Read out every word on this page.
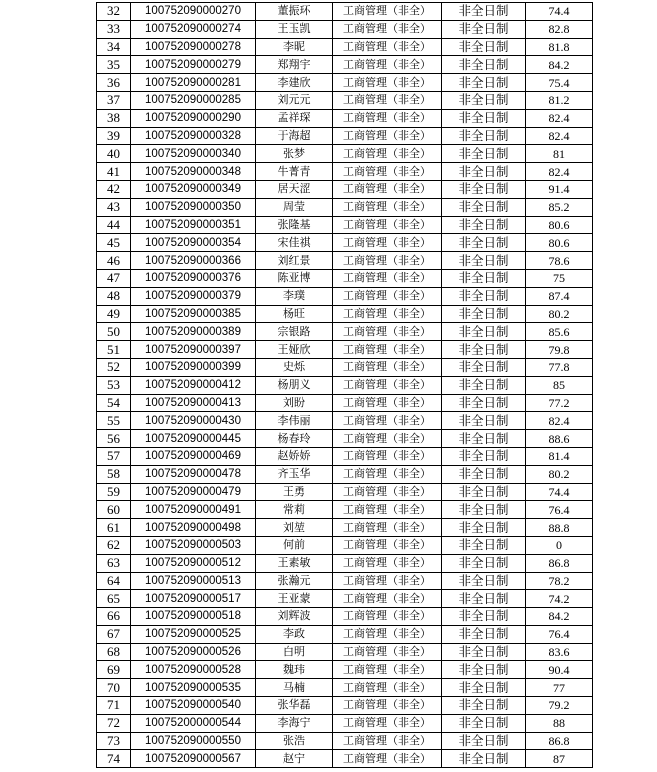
32	100752090000270	董振环	工商管理（非全）	非全日制	74.4
33	100752090000274	王玉凯	工商管理（非全）	非全日制	82.8
34	100752090000278	李昵	工商管理（非全）	非全日制	81.8
35	100752090000279	郑翔宇	工商管理（非全）	非全日制	84.2
36	100752090000281	李建欣	工商管理（非全）	非全日制	75.4
37	100752090000285	刘元元	工商管理（非全）	非全日制	81.2
38	100752090000290	孟祥琛	工商管理（非全）	非全日制	82.4
39	100752090000328	于海超	工商管理（非全）	非全日制	82.4
40	100752090000340	张梦	工商管理（非全）	非全日制	81
41	100752090000348	牛菁青	工商管理（非全）	非全日制	82.4
42	100752090000349	居天涩	工商管理（非全）	非全日制	91.4
43	100752090000350	周莹	工商管理（非全）	非全日制	85.2
44	100752090000351	张隆基	工商管理（非全）	非全日制	80.6
45	100752090000354	宋佳祺	工商管理（非全）	非全日制	80.6
46	100752090000366	刘红景	工商管理（非全）	非全日制	78.6
47	100752090000376	陈亚博	工商管理（非全）	非全日制	75
48	100752090000379	李璞	工商管理（非全）	非全日制	87.4
49	100752090000385	杨旺	工商管理（非全）	非全日制	80.2
50	100752090000389	宗银路	工商管理（非全）	非全日制	85.6
51	100752090000397	王娅欣	工商管理（非全）	非全日制	79.8
52	100752090000399	史烁	工商管理（非全）	非全日制	77.8
53	100752090000412	杨朋义	工商管理（非全）	非全日制	85
54	100752090000413	刘盼	工商管理（非全）	非全日制	77.2
55	100752090000430	李伟丽	工商管理（非全）	非全日制	82.4
56	100752090000445	杨春玲	工商管理（非全）	非全日制	88.6
57	100752090000469	赵娇娇	工商管理（非全）	非全日制	81.4
58	100752090000478	齐玉华	工商管理（非全）	非全日制	80.2
59	100752090000479	王勇	工商管理（非全）	非全日制	74.4
60	100752090000491	常莉	工商管理（非全）	非全日制	76.4
61	100752090000498	刘堃	工商管理（非全）	非全日制	88.8
62	100752090000503	何前	工商管理（非全）	非全日制	0
63	100752090000512	王素敏	工商管理（非全）	非全日制	86.8
64	100752090000513	张瀚元	工商管理（非全）	非全日制	78.2
65	100752090000517	王亚蒙	工商管理（非全）	非全日制	74.2
66	100752090000518	刘辉波	工商管理（非全）	非全日制	84.2
67	100752090000525	李政	工商管理（非全）	非全日制	76.4
68	100752090000526	白明	工商管理（非全）	非全日制	83.6
69	100752090000528	魏玮	工商管理（非全）	非全日制	90.4
70	100752090000535	马楠	工商管理（非全）	非全日制	77
71	100752090000540	张华磊	工商管理（非全）	非全日制	79.2
72	100752000000544	李海宁	工商管理（非全）	非全日制	88
73	100752090000550	张浩	工商管理（非全）	非全日制	86.8
74	100752090000567	赵宁	工商管理（非全）	非全日制	87
